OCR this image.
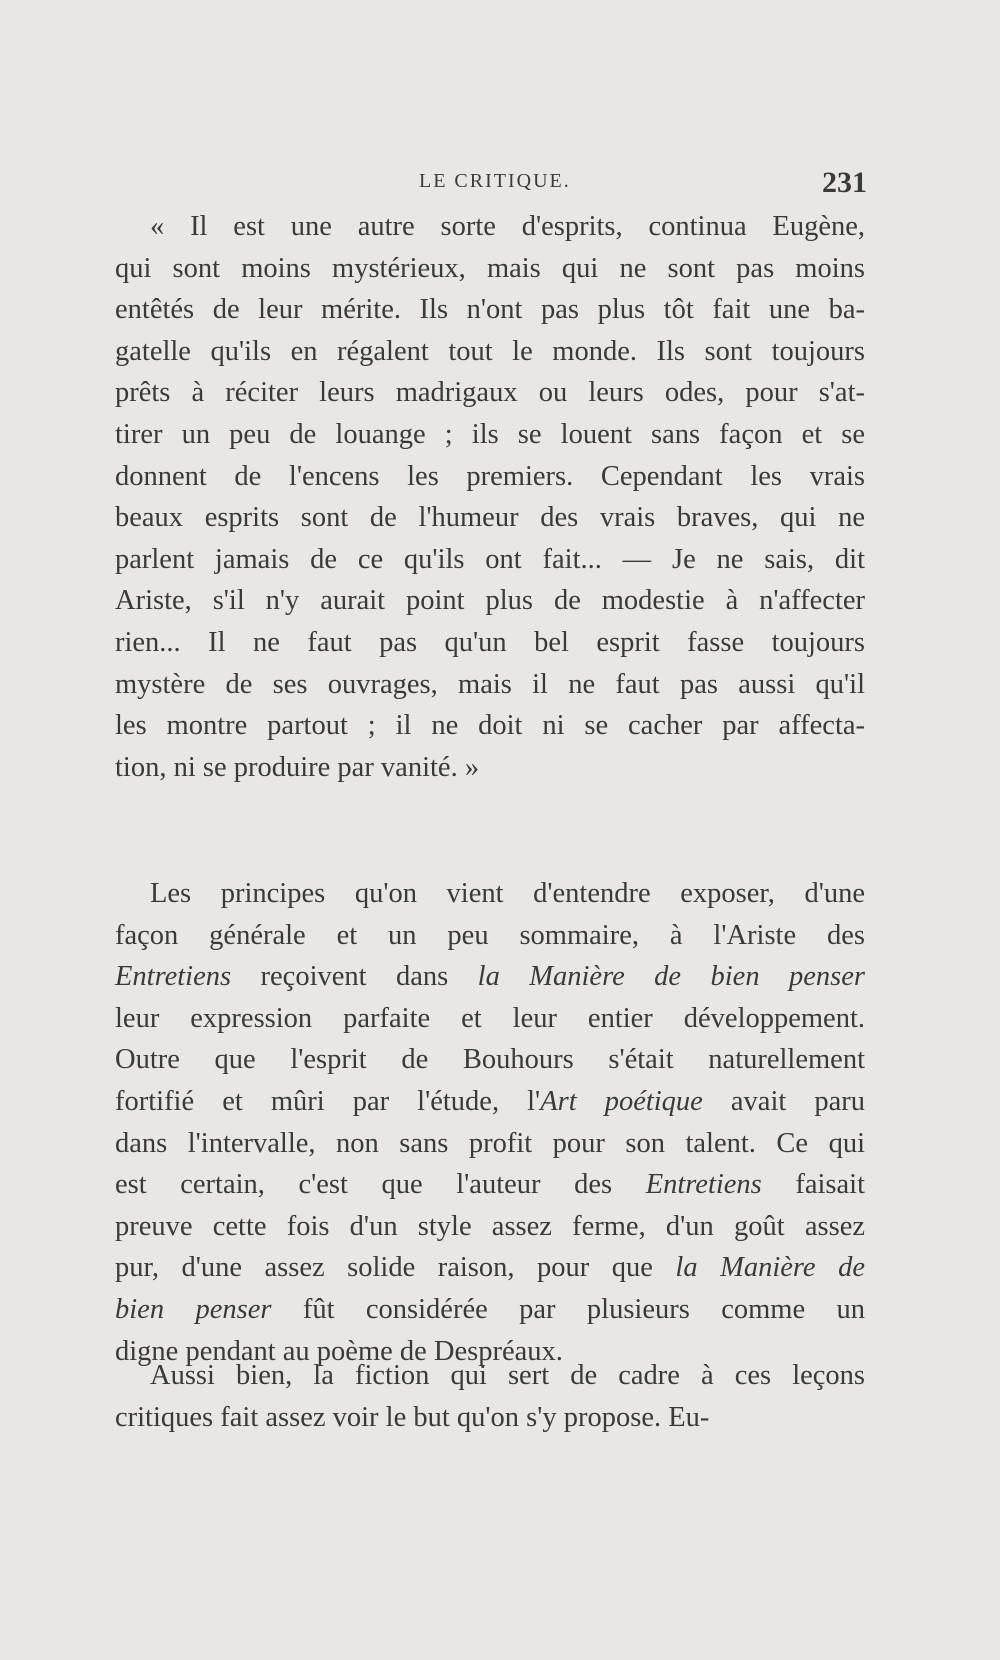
LE CRITIQUE.	231
« Il est une autre sorte d'esprits, continua Eugène,
qui sont moins mystérieux, mais qui ne sont pas moins
entêtés de leur mérite. Ils n'ont pas plus tôt fait une ba-
gatelle qu'ils en régalent tout le monde. Ils sont toujours
prêts à réciter leurs madrigaux ou leurs odes, pour s'at-
tirer un peu de louange ; ils se louent sans façon et se
donnent de l'encens les premiers. Cependant les vrais
beaux esprits sont de l'humeur des vrais braves, qui ne
parlent jamais de ce qu'ils ont fait... — Je ne sais, dit
Ariste, s'il n'y aurait point plus de modestie à n'affecter
rien... Il ne faut pas qu'un bel esprit fasse toujours
mystère de ses ouvrages, mais il ne faut pas aussi qu'il
les montre partout ; il ne doit ni se cacher par affecta-
tion, ni se produire par vanité. »
Les principes qu'on vient d'entendre exposer, d'une
façon générale et un peu sommaire, à l'Ariste des
Entretiens reçoivent dans la Manière de bien penser
leur expression parfaite et leur entier développement.
Outre que l'esprit de Bouhours s'était naturellement
fortifié et mûri par l'étude, l'Art poétique avait paru
dans l'intervalle, non sans profit pour son talent. Ce qui
est certain, c'est que l'auteur des Entretiens faisait
preuve cette fois d'un style assez ferme, d'un goût assez
pur, d'une assez solide raison, pour que la Manière de
bien penser fût considérée par plusieurs comme un
digne pendant au poème de Despréaux.
Aussi bien, la fiction qui sert de cadre à ces leçons
critiques fait assez voir le but qu'on s'y propose. Eu-
